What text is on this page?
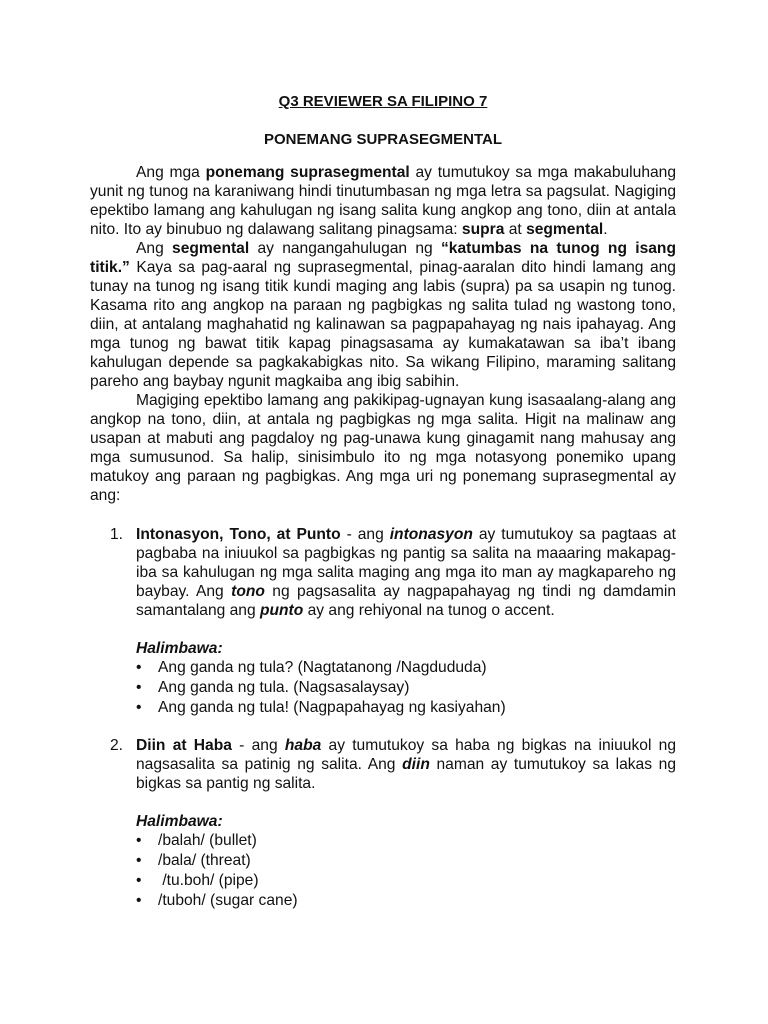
Q3 REVIEWER SA FILIPINO 7
PONEMANG SUPRASEGMENTAL

Ang mga ponemang suprasegmental ay tumutukoy sa mga makabuluhang yunit ng tunog na karaniwang hindi tinutumbasan ng mga letra sa pagsulat. Nagiging epektibo lamang ang kahulugan ng isang salita kung angkop ang tono, diin at antala nito. Ito ay binubuo ng dalawang salitang pinagsama: supra at segmental.

Ang segmental ay nangangahulugan ng “katumbas na tunog ng isang titik.” Kaya sa pag-aaral ng suprasegmental, pinag-aaralan dito hindi lamang ang tunay na tunog ng isang titik kundi maging ang labis (supra) pa sa usapin ng tunog. Kasama rito ang angkop na paraan ng pagbigkas ng salita tulad ng wastong tono, diin, at antalang maghahatid ng kalinawan sa pagpapahayag ng nais ipahayag. Ang mga tunog ng bawat titik kapag pinagsasama ay kumakatawan sa iba’t ibang kahulugan depende sa pagkakabigkas nito. Sa wikang Filipino, maraming salitang pareho ang baybay ngunit magkaiba ang ibig sabihin.

Magiging epektibo lamang ang pakikipag-ugnayan kung isasaalang-alang ang angkop na tono, diin, at antala ng pagbigkas ng mga salita. Higit na malinaw ang usapan at mabuti ang pagdaloy ng pag-unawa kung ginagamit nang mahusay ang mga sumusunod. Sa halip, sinisimbulo ito ng mga notasyong ponemiko upang matukoy ang paraan ng pagbigkas. Ang mga uri ng ponemang suprasegmental ay ang:

1. Intonasyon, Tono, at Punto - ang intonasyon ay tumutukoy sa pagtaas at pagbaba na iniuukol sa pagbigkas ng pantig sa salita na maaaring makapag-iba sa kahulugan ng mga salita maging ang mga ito man ay magkapareho ng baybay. Ang tono ng pagsasalita ay nagpapahayag ng tindi ng damdamin samantalang ang punto ay ang rehiyonal na tunog o accent.
Halimbawa:
• Ang ganda ng tula? (Nagtatanong /Nagdududa)
• Ang ganda ng tula. (Nagsasalaysay)
• Ang ganda ng tula! (Nagpapahayag ng kasiyahan)
2. Diin at Haba - ang haba ay tumutukoy sa haba ng bigkas na iniuukol ng nagsasalita sa patinig ng salita. Ang diin naman ay tumutukoy sa lakas ng bigkas sa pantig ng salita.
Halimbawa:
• /balah/ (bullet)
• /bala/ (threat)
• /tu.boh/ (pipe)
• /tuboh/ (sugar cane)
